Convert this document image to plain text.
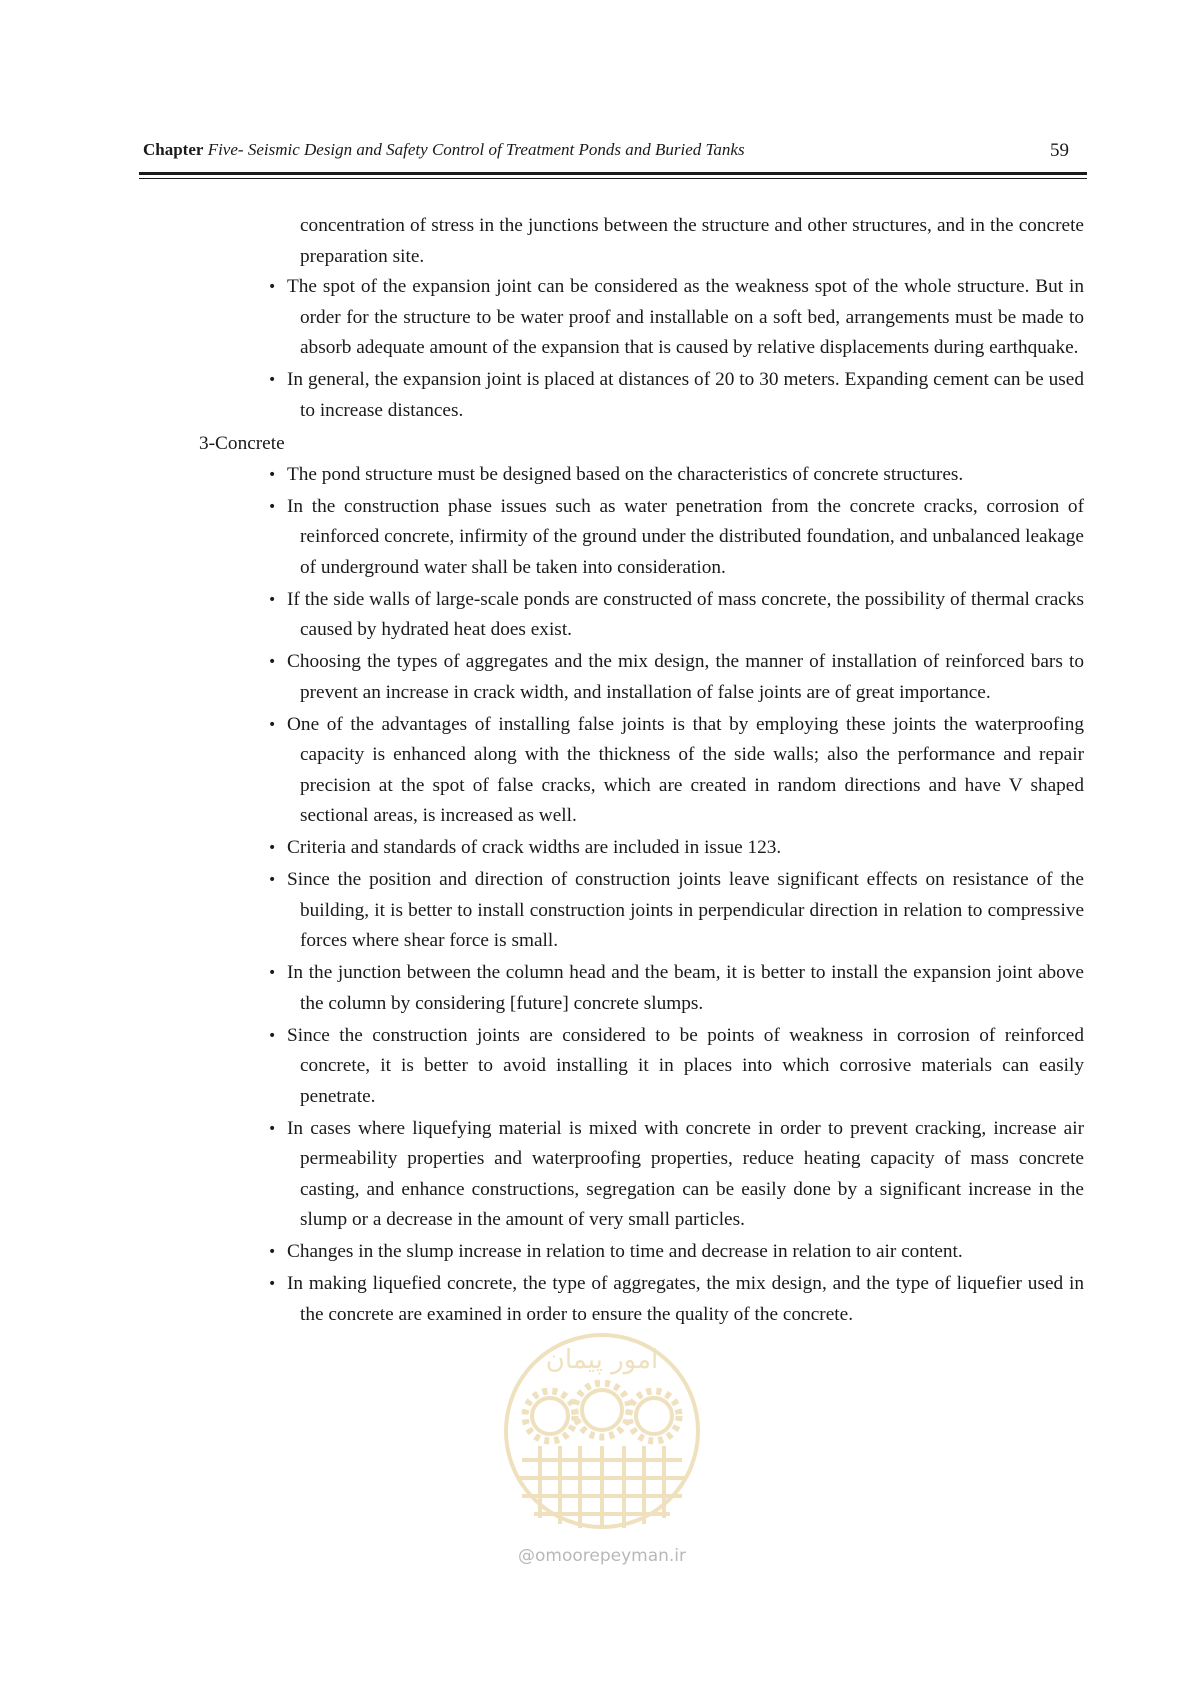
Chapter Five- Seismic Design and Safety Control of Treatment Ponds and Buried Tanks	59

concentration of stress in the junctions between the structure and other structures, and in the concrete preparation site.

• The spot of the expansion joint can be considered as the weakness spot of the whole structure. But in order for the structure to be water proof and installable on a soft bed, arrangements must be made to absorb adequate amount of the expansion that is caused by relative displacements during earthquake.
• In general, the expansion joint is placed at distances of 20 to 30 meters. Expanding cement can be used to increase distances.
3-Concrete
• The pond structure must be designed based on the characteristics of concrete structures.
• In the construction phase issues such as water penetration from the concrete cracks, corrosion of reinforced concrete, infirmity of the ground under the distributed foundation, and unbalanced leakage of underground water shall be taken into consideration.
• If the side walls of large-scale ponds are constructed of mass concrete, the possibility of thermal cracks caused by hydrated heat does exist.
• Choosing the types of aggregates and the mix design, the manner of installation of reinforced bars to prevent an increase in crack width, and installation of false joints are of great importance.
• One of the advantages of installing false joints is that by employing these joints the waterproofing capacity is enhanced along with the thickness of the side walls; also the performance and repair precision at the spot of false cracks, which are created in random directions and have V shaped sectional areas, is increased as well.
• Criteria and standards of crack widths are included in issue 123.
• Since the position and direction of construction joints leave significant effects on resistance of the building, it is better to install construction joints in perpendicular direction in relation to compressive forces where shear force is small.
• In the junction between the column head and the beam, it is better to install the expansion joint above the column by considering [future] concrete slumps.
• Since the construction joints are considered to be points of weakness in corrosion of reinforced concrete, it is better to avoid installing it in places into which corrosive materials can easily penetrate.
• In cases where liquefying material is mixed with concrete in order to prevent cracking, increase air permeability properties and waterproofing properties, reduce heating capacity of mass concrete casting, and enhance constructions, segregation can be easily done by a significant increase in the slump or a decrease in the amount of very small particles.
• Changes in the slump increase in relation to time and decrease in relation to air content.
• In making liquefied concrete, the type of aggregates, the mix design, and the type of liquefier used in the concrete are examined in order to ensure the quality of the concrete.
امور پیمان
@omoorepeyman.ir
